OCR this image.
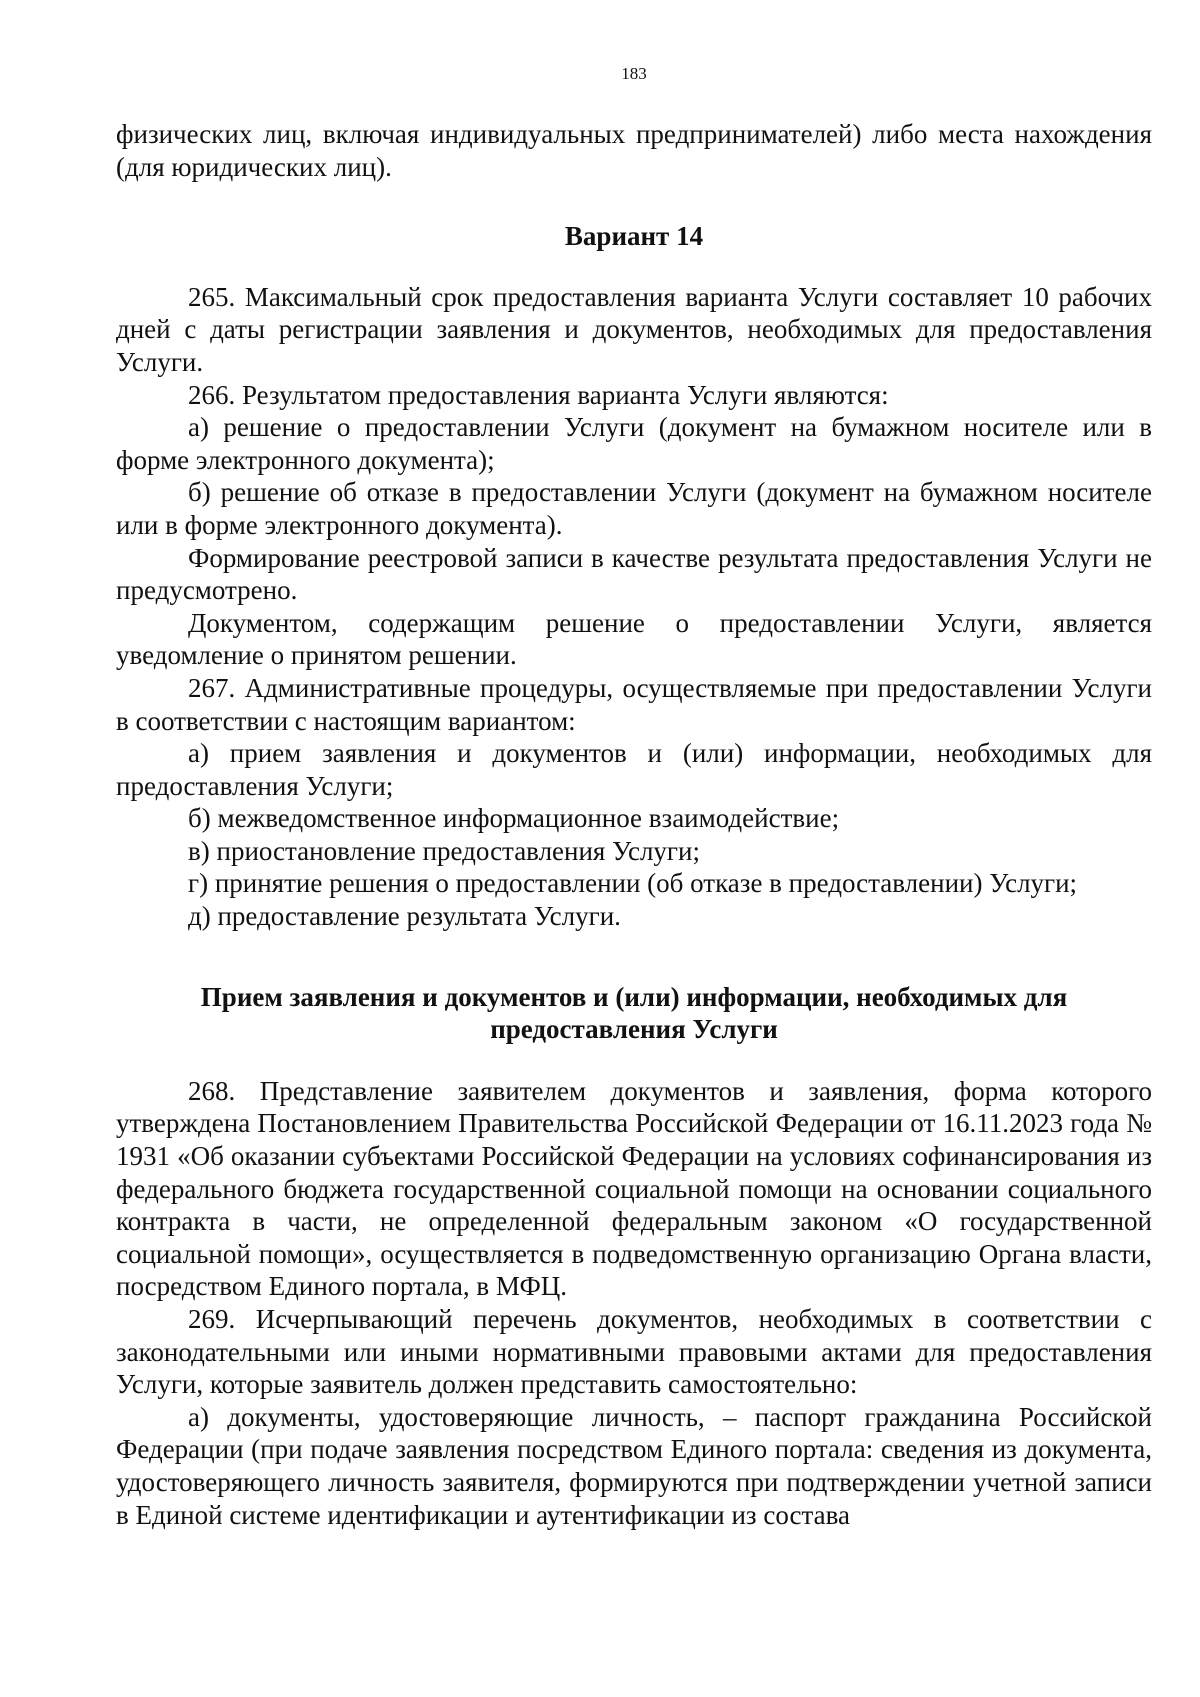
183

физических лиц, включая индивидуальных предпринимателей) либо места нахождения (для юридических лиц).

Вариант 14

265. Максимальный срок предоставления варианта Услуги составляет 10 рабочих дней с даты регистрации заявления и документов, необходимых для предоставления Услуги.

266. Результатом предоставления варианта Услуги являются:

а) решение о предоставлении Услуги (документ на бумажном носителе или в форме электронного документа);

б) решение об отказе в предоставлении Услуги (документ на бумажном носителе или в форме электронного документа).

Формирование реестровой записи в качестве результата предоставления Услуги не предусмотрено.

Документом, содержащим решение о предоставлении Услуги, является уведомление о принятом решении.

267. Административные процедуры, осуществляемые при предоставлении Услуги в соответствии с настоящим вариантом:

а) прием заявления и документов и (или) информации, необходимых для предоставления Услуги;

б) межведомственное информационное взаимодействие;

в) приостановление предоставления Услуги;

г) принятие решения о предоставлении (об отказе в предоставлении) Услуги;

д) предоставление результата Услуги.

Прием заявления и документов и (или) информации, необходимых для
предоставления Услуги

268. Представление заявителем документов и заявления, форма которого утверждена Постановлением Правительства Российской Федерации от 16.11.2023 года № 1931 «Об оказании субъектами Российской Федерации на условиях софинансирования из федерального бюджета государственной социальной помощи на основании социального контракта в части, не определенной федеральным законом «О государственной социальной помощи», осуществляется в подведомственную организацию Органа власти, посредством Единого портала, в МФЦ.

269. Исчерпывающий перечень документов, необходимых в соответствии с законодательными или иными нормативными правовыми актами для предоставления Услуги, которые заявитель должен представить самостоятельно:

а) документы, удостоверяющие личность, – паспорт гражданина Российской Федерации (при подаче заявления посредством Единого портала: сведения из документа, удостоверяющего личность заявителя, формируются при подтверждении учетной записи в Единой системе идентификации и аутентификации из состава
